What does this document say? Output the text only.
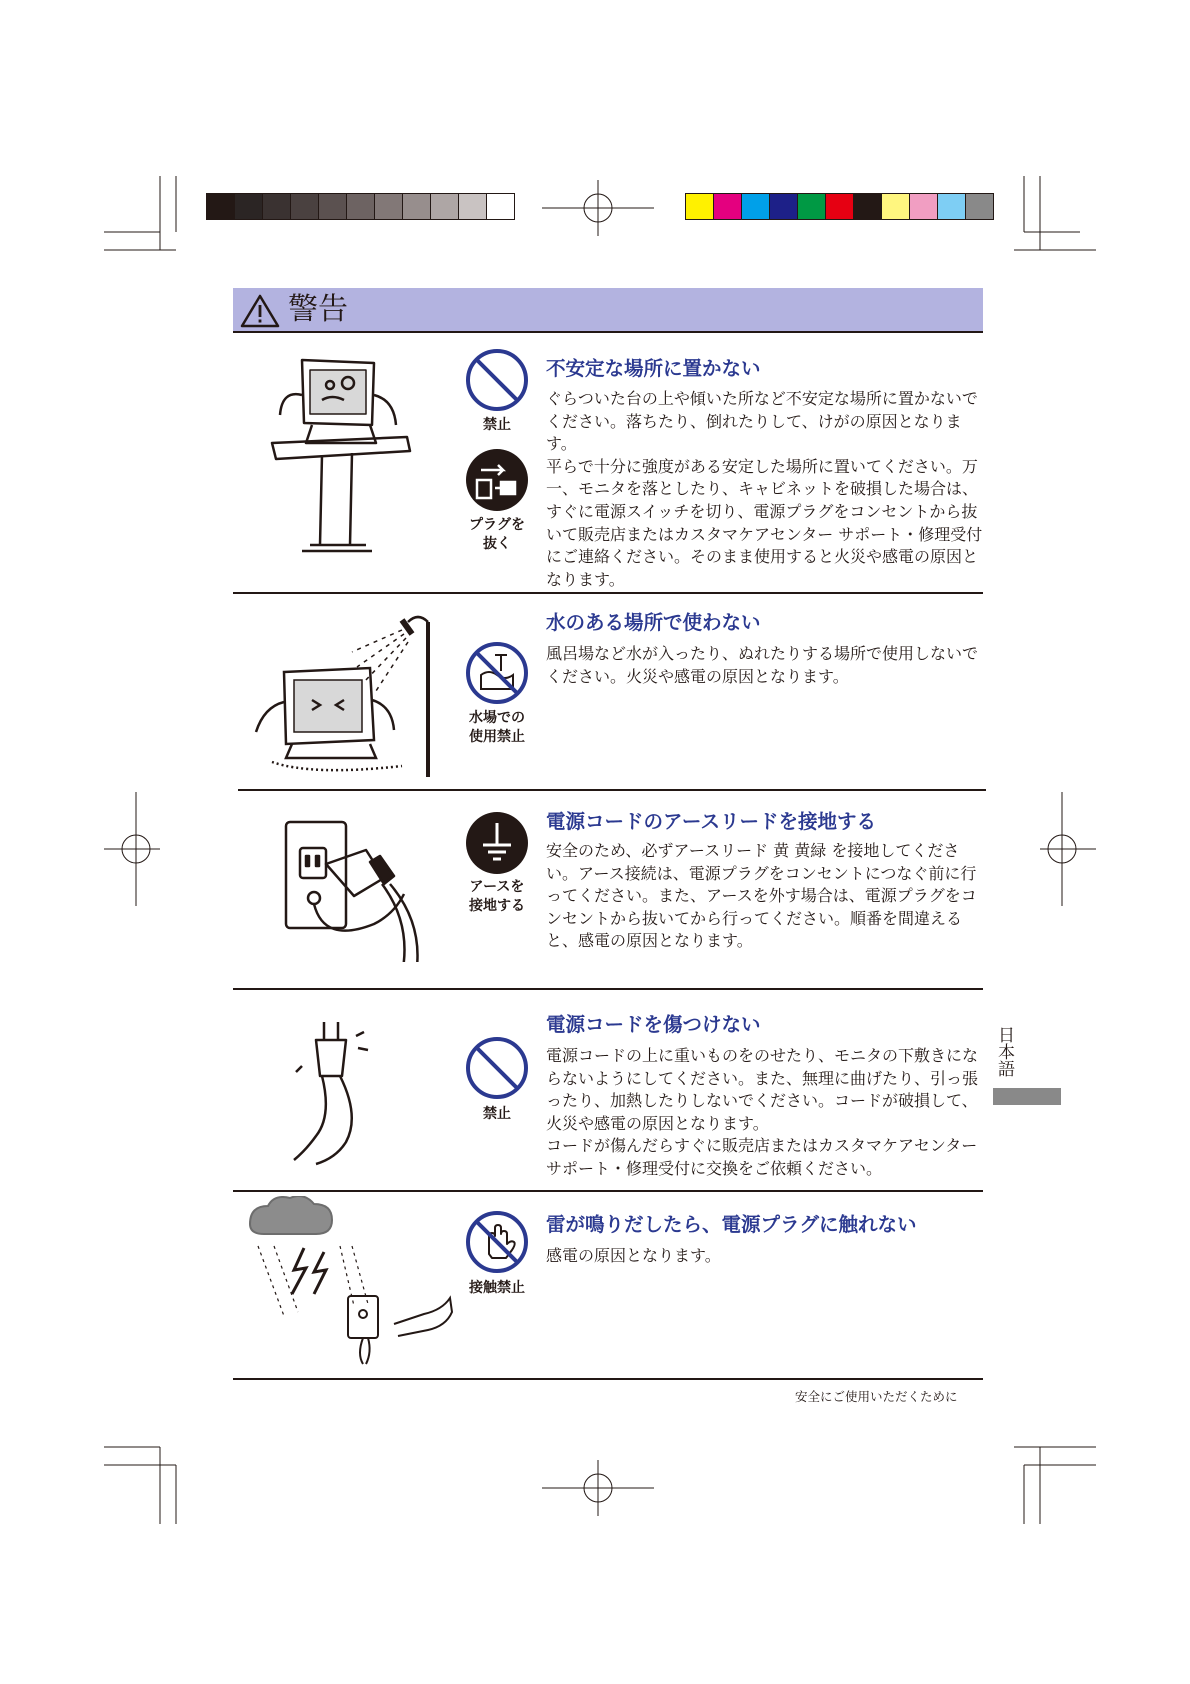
警告
禁止
プラグを
抜く
不安定な場所に置かない

ぐらついた台の上や傾いた所など不安定な場所に置かないでください。落ちたり、倒れたりして、けがの原因となります。

平らで十分に強度がある安定した場所に置いてください。万一、モニタを落としたり、キャビネットを破損した場合は、すぐに電源スイッチを切り、電源プラグをコンセントから抜いて販売店またはカスタマケアセンター サポート・修理受付にご連絡ください。そのまま使用すると火災や感電の原因となります。

水場での
使用禁止
水のある場所で使わない

風呂場など水が入ったり、ぬれたりする場所で使用しないでください。火災や感電の原因となります。

アースを
接地する
電源コードのアースリードを接地する

安全のため、必ずアースリード 黄 黄緑 を接地してください。アース接続は、電源プラグをコンセントにつなぐ前に行ってください。また、アースを外す場合は、電源プラグをコンセントから抜いてから行ってください。順番を間違えると、感電の原因となります。

禁止
電源コードを傷つけない

電源コードの上に重いものをのせたり、モニタの下敷きにならないようにしてください。また、無理に曲げたり、引っ張ったり、加熱したりしないでください。コードが破損して、火災や感電の原因となります。

コードが傷んだらすぐに販売店またはカスタマケアセンター サポート・修理受付に交換をご依頼ください。

接触禁止
雷が鳴りだしたら、電源プラグに触れない

感電の原因となります。

日本語
安全にご使用いただくために
